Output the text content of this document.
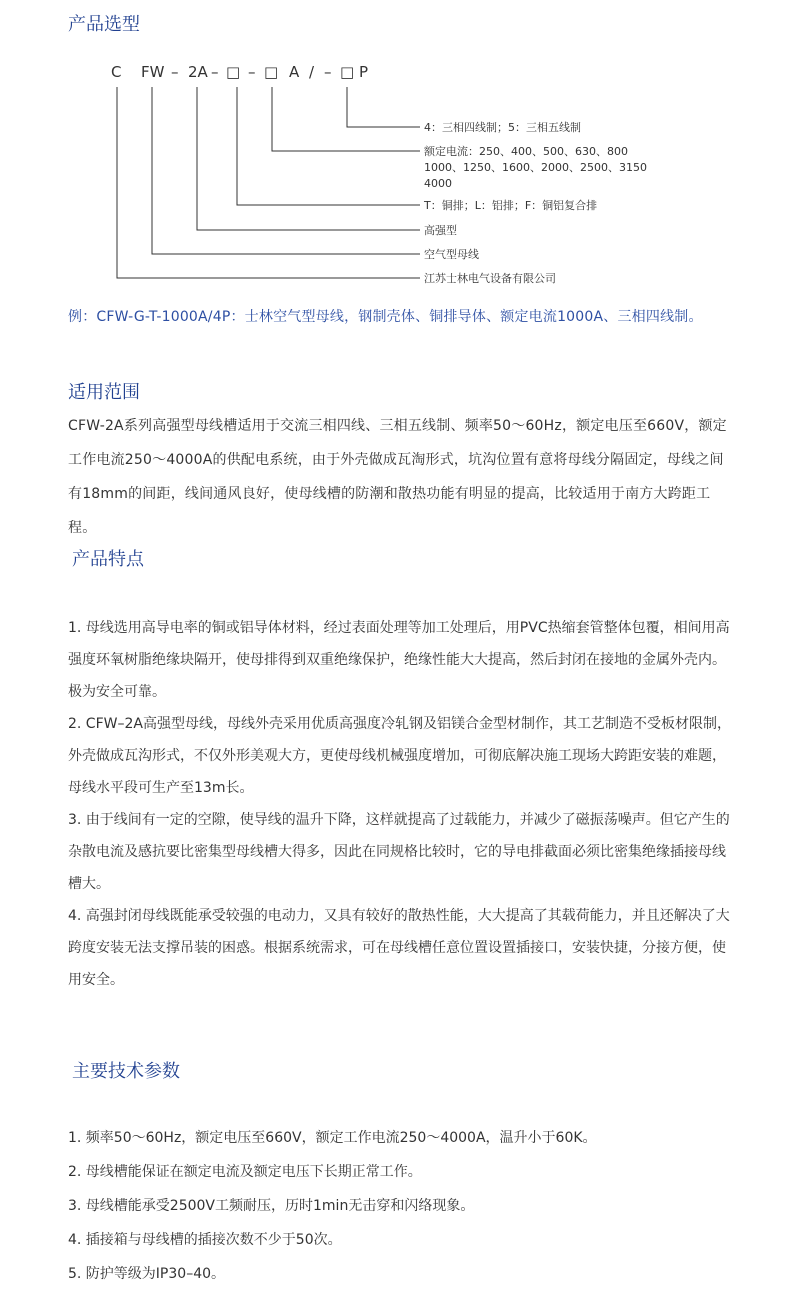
产品选型
C FW – 2A – □ – □ A / – □ P
4：三相四线制；5：三相五线制
额定电流：250、400、500、630、800
1000、1250、1600、2000、2500、3150
4000
T：铜排；L：铝排；F：铜铝复合排
高强型
空气型母线
江苏士林电气设备有限公司
例：CFW-G-T-1000A/4P：士林空气型母线，钢制壳体、铜排导体、额定电流1000A、三相四线制。
适用范围

CFW-2A系列高强型母线槽适用于交流三相四线、三相五线制、频率50～60Hz，额定电压至660V，额定工作电流250～4000A的供配电系统，由于外壳做成瓦淘形式，坑沟位置有意将母线分隔固定，母线之间有18mm的间距，线间通风良好，使母线槽的防潮和散热功能有明显的提高，比较适用于南方大跨距工程。

产品特点
1. 母线选用高导电率的铜或铝导体材料，经过表面处理等加工处理后，用PVC热缩套管整体包覆，相间用高强度环氧树脂绝缘块隔开，使母排得到双重绝缘保护，绝缘性能大大提高，然后封闭在接地的金属外壳内。极为安全可靠。
2. CFW–2A高强型母线，母线外壳采用优质高强度冷轧钢及铝镁合金型材制作，其工艺制造不受板材限制，外壳做成瓦沟形式，不仅外形美观大方，更使母线机械强度增加，可彻底解决施工现场大跨距安装的难题，母线水平段可生产至13m长。
3. 由于线间有一定的空隙，使导线的温升下降，这样就提高了过载能力，并减少了磁振荡噪声。但它产生的杂散电流及感抗要比密集型母线槽大得多，因此在同规格比较时，它的导电排截面必须比密集绝缘插接母线槽大。
4. 高强封闭母线既能承受较强的电动力，又具有较好的散热性能，大大提高了其载荷能力，并且还解决了大跨度安装无法支撑吊装的困惑。根据系统需求，可在母线槽任意位置设置插接口，安装快捷，分接方便，使用安全。
主要技术参数
1. 频率50～60Hz，额定电压至660V，额定工作电流250～4000A，温升小于60K。
2. 母线槽能保证在额定电流及额定电压下长期正常工作。
3. 母线槽能承受2500V工频耐压，历时1min无击穿和闪络现象。
4. 插接箱与母线槽的插接次数不少于50次。
5. 防护等级为IP30–40。
